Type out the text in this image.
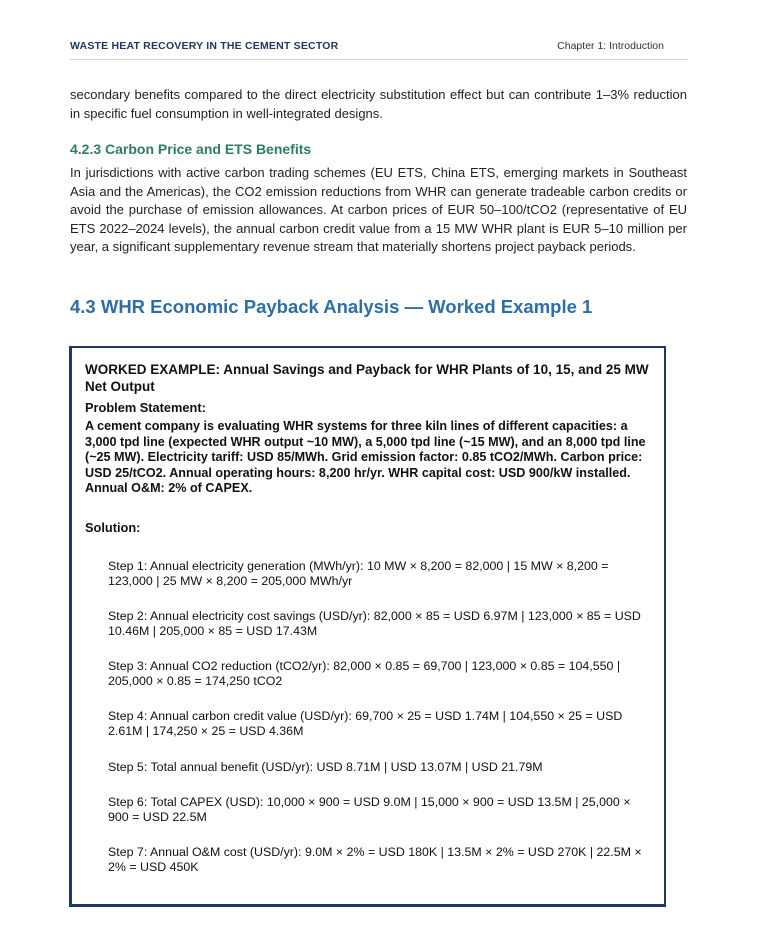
WASTE HEAT RECOVERY IN THE CEMENT SECTOR	Chapter 1: Introduction

secondary benefits compared to the direct electricity substitution effect but can contribute 1–3% reduction in specific fuel consumption in well-integrated designs.

4.2.3 Carbon Price and ETS Benefits

In jurisdictions with active carbon trading schemes (EU ETS, China ETS, emerging markets in Southeast Asia and the Americas), the CO2 emission reductions from WHR can generate tradeable carbon credits or avoid the purchase of emission allowances. At carbon prices of EUR 50–100/tCO2 (representative of EU ETS 2022–2024 levels), the annual carbon credit value from a 15 MW WHR plant is EUR 5–10 million per year, a significant supplementary revenue stream that materially shortens project payback periods.

4.3 WHR Economic Payback Analysis — Worked Example 1
WORKED EXAMPLE: Annual Savings and Payback for WHR Plants of 10, 15, and 25 MW Net Output
Problem Statement:
A cement company is evaluating WHR systems for three kiln lines of different capacities: a 3,000 tpd line (expected WHR output ~10 MW), a 5,000 tpd line (~15 MW), and an 8,000 tpd line (~25 MW). Electricity tariff: USD 85/MWh. Grid emission factor: 0.85 tCO2/MWh. Carbon price: USD 25/tCO2. Annual operating hours: 8,200 hr/yr. WHR capital cost: USD 900/kW installed. Annual O&M: 2% of CAPEX.
Solution:
Step 1: Annual electricity generation (MWh/yr): 10 MW × 8,200 = 82,000 | 15 MW × 8,200 = 123,000 | 25 MW × 8,200 = 205,000 MWh/yr
Step 2: Annual electricity cost savings (USD/yr): 82,000 × 85 = USD 6.97M | 123,000 × 85 = USD 10.46M | 205,000 × 85 = USD 17.43M
Step 3: Annual CO2 reduction (tCO2/yr): 82,000 × 0.85 = 69,700 | 123,000 × 0.85 = 104,550 | 205,000 × 0.85 = 174,250 tCO2
Step 4: Annual carbon credit value (USD/yr): 69,700 × 25 = USD 1.74M | 104,550 × 25 = USD 2.61M | 174,250 × 25 = USD 4.36M
Step 5: Total annual benefit (USD/yr): USD 8.71M | USD 13.07M | USD 21.79M
Step 6: Total CAPEX (USD): 10,000 × 900 = USD 9.0M | 15,000 × 900 = USD 13.5M | 25,000 × 900 = USD 22.5M
Step 7: Annual O&M cost (USD/yr): 9.0M × 2% = USD 180K | 13.5M × 2% = USD 270K | 22.5M × 2% = USD 450K
